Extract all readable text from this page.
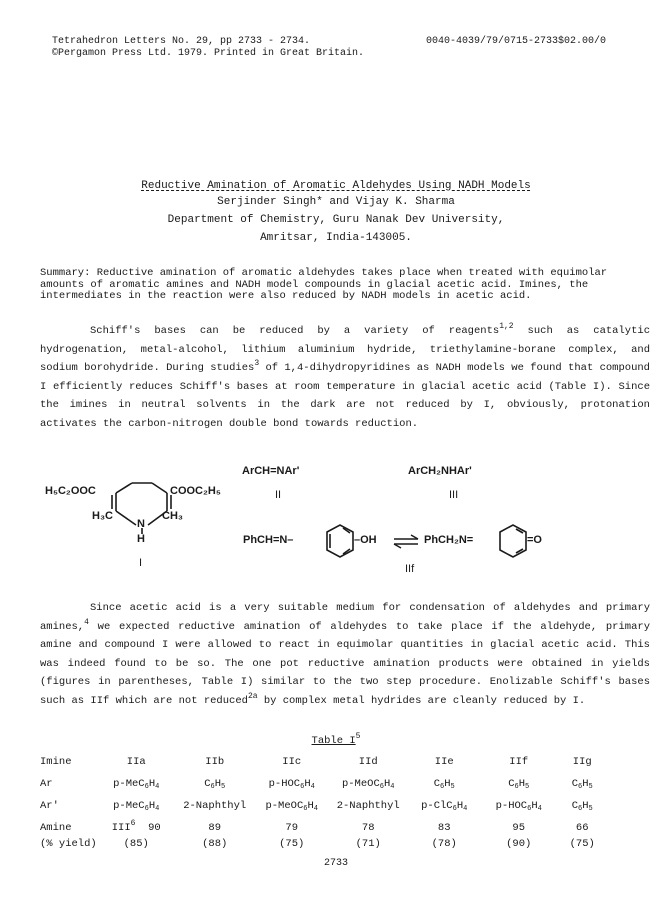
Tetrahedron Letters No. 29, pp 2733 - 2734.
©Pergamon Press Ltd. 1979. Printed in Great Britain.
0040-4039/79/0715-2733$02.00/0
Reductive Amination of Aromatic Aldehydes Using NADH Models
Serjinder Singh* and Vijay K. Sharma
Department of Chemistry, Guru Nanak Dev University,
Amritsar, India-143005.
Summary: Reductive amination of aromatic aldehydes takes place when treated with equimolar amounts of aromatic amines and NADH model compounds in glacial acetic acid. Imines, the intermediates in the reaction were also reduced by NADH models in acetic acid.
Schiff's bases can be reduced by a variety of reagents$^{1,2}$ such as catalytic hydrogenation, metal-alcohol, lithium aluminium hydride, triethylamine-borane complex, and sodium borohydride. During studies$^3$ of 1,4-dihydropyridines as NADH models we found that compound I efficiently reduces Schiff's bases at room temperature in glacial acetic acid (Table I). Since the imines in neutral solvents in the dark are not reduced by I, obviously, protonation activates the carbon-nitrogen double bond towards reduction.
H₅C₂OOC	COOC₂H₅
H₃C	CH₃
N
H
I
ArCH=NAr'
II
ArCH₂NHAr'
III
PhCH=N–	–OH	PhCH₂N=	=O
IIf
Since acetic acid is a very suitable medium for condensation of aldehydes and primary amines,$^4$ we expected reductive amination of aldehydes to take place if the aldehyde, primary amine and compound I were allowed to react in equimolar quantities in glacial acetic acid. This was indeed found to be so. The one pot reductive amination products were obtained in yields (figures in parentheses, Table I) similar to the two step procedure. Enolizable Schiff's bases such as IIf which are not reduced$^{2a}$ by complex metal hydrides are cleanly reduced by I.
Table $I^5$
Imine	IIa	IIb	IIc	IId	IIe	IIf	IIg
Ar	$p-MeC_6H_4$	$C_6H_5$	$p-HOC_6H_4$	$p-MeOC_6H_4$	$C_6H_5$	$C_6H_5$	$C_6H_5$
Ar'	$p-MeC_6H_4$	2-Naphthyl	$p-MeOC_6H_4$	2-Naphthyl	$p-ClC_6H_4$	$p-HOC_6H_4$	$C_6H_5$
Amine	III$^6$ 90	89	79	78	83	95	66
(% yield)	(85)	(88)	(75)	(71)	(78)	(90)	(75)
2733
